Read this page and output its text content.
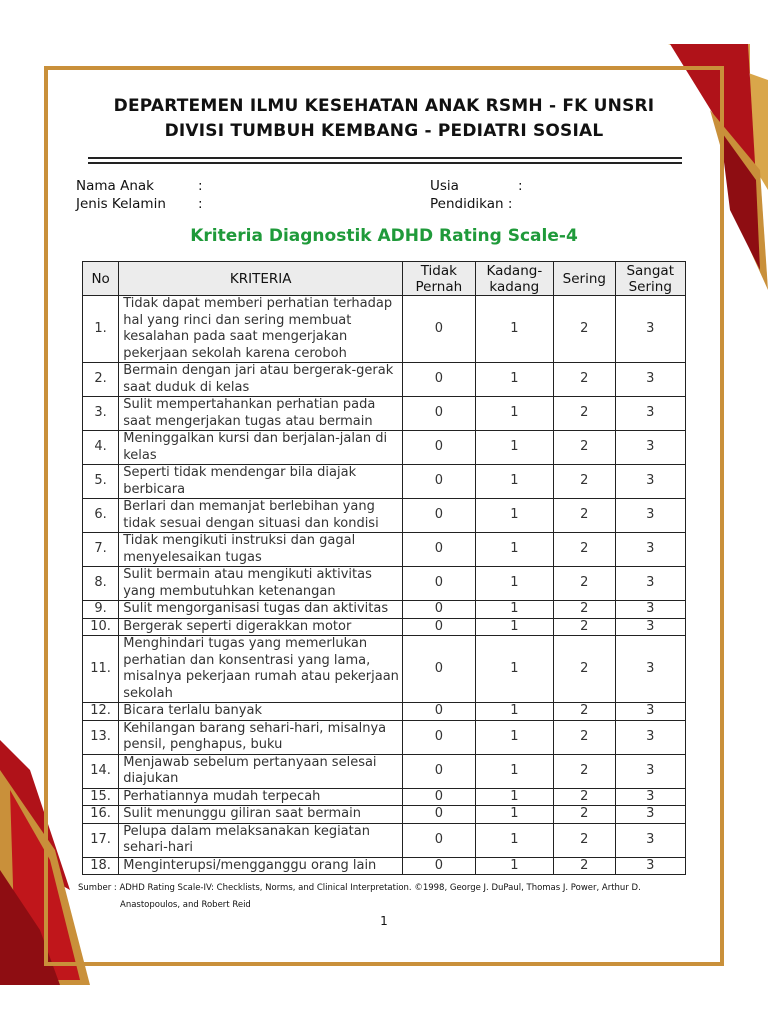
DEPARTEMEN ILMU KESEHATAN ANAK RSMH - FK UNSRI
DIVISI TUMBUH KEMBANG - PEDIATRI SOSIAL
Nama Anak	:
Jenis Kelamin :
Usia	:
Pendidikan :
Kriteria Diagnostik ADHD Rating Scale-4
No	KRITERIA	Tidak Pernah	Kadang-kadang	Sering	Sangat Sering
1.	Tidak dapat memberi perhatian terhadap hal yang rinci dan sering membuat kesalahan pada saat mengerjakan pekerjaan sekolah karena ceroboh	0	1	2	3
2.	Bermain dengan jari atau bergerak-gerak saat duduk di kelas	0	1	2	3
3.	Sulit mempertahankan perhatian pada saat mengerjakan tugas atau bermain	0	1	2	3
4.	Meninggalkan kursi dan berjalan-jalan di kelas	0	1	2	3
5.	Seperti tidak mendengar bila diajak berbicara	0	1	2	3
6.	Berlari dan memanjat berlebihan yang tidak sesuai dengan situasi dan kondisi	0	1	2	3
7.	Tidak mengikuti instruksi dan gagal menyelesaikan tugas	0	1	2	3
8.	Sulit bermain atau mengikuti aktivitas yang membutuhkan ketenangan	0	1	2	3
9.	Sulit mengorganisasi tugas dan aktivitas	0	1	2	3
10.	Bergerak seperti digerakkan motor	0	1	2	3
11.	Menghindari tugas yang memerlukan perhatian dan konsentrasi yang lama, misalnya pekerjaan rumah atau pekerjaan sekolah	0	1	2	3
12.	Bicara terlalu banyak	0	1	2	3
13.	Kehilangan barang sehari-hari, misalnya pensil, penghapus, buku	0	1	2	3
14.	Menjawab sebelum pertanyaan selesai diajukan	0	1	2	3
15.	Perhatiannya mudah terpecah	0	1	2	3
16.	Sulit menunggu giliran saat bermain	0	1	2	3
17.	Pelupa dalam melaksanakan kegiatan sehari-hari	0	1	2	3
18.	Menginterupsi/mengganggu orang lain	0	1	2	3
Sumber : ADHD Rating Scale-IV: Checklists, Norms, and Clinical Interpretation. ©1998, George J. DuPaul, Thomas J. Power, Arthur D.
Anastopoulos, and Robert Reid
1
